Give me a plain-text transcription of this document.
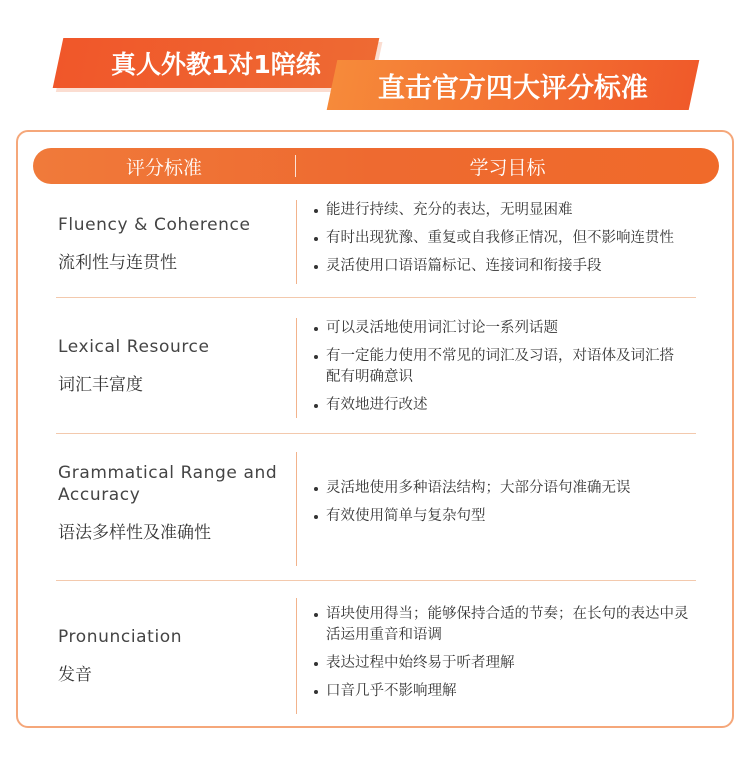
真人外教1对1陪练
直击官方四大评分标准
评分标准	学习目标
Fluency & Coherence
流利性与连贯性
能进行持续、充分的表达，无明显困难
有时出现犹豫、重复或自我修正情况，但不影响连贯性
灵活使用口语语篇标记、连接词和衔接手段
Lexical Resource
词汇丰富度
可以灵活地使用词汇讨论一系列话题
有一定能力使用不常见的词汇及习语，对语体及词汇搭配有明确意识
有效地进行改述
Grammatical Range and Accuracy
语法多样性及准确性
灵活地使用多种语法结构；大部分语句准确无误
有效使用简单与复杂句型
Pronunciation
发音
语块使用得当；能够保持合适的节奏；在长句的表达中灵活运用重音和语调
表达过程中始终易于听者理解
口音几乎不影响理解
